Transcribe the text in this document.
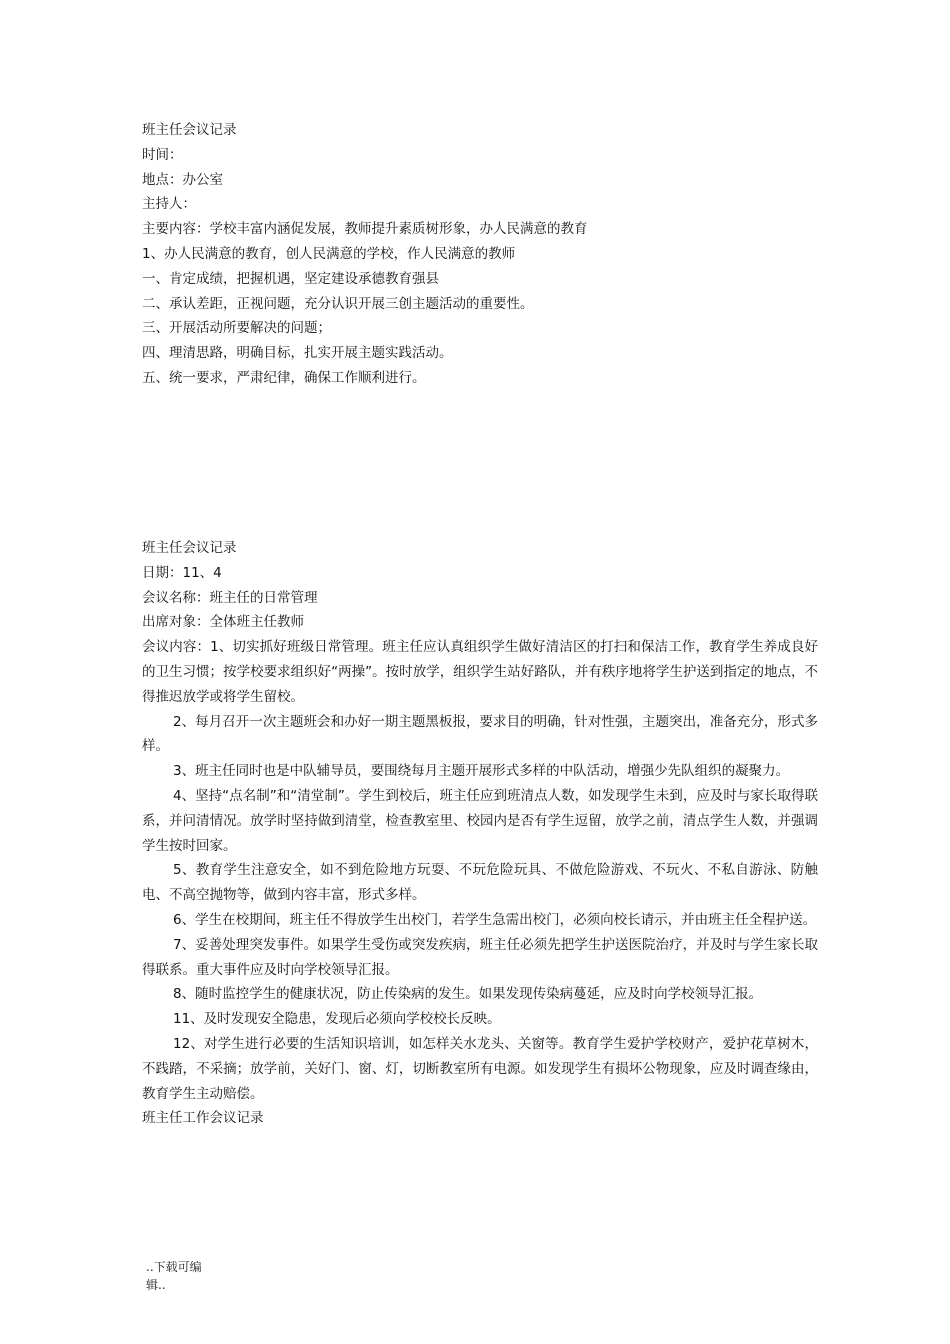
班主任会议记录

时间：

地点：办公室

主持人：

主要内容：学校丰富内涵促发展，教师提升素质树形象，办人民满意的教育

1、办人民满意的教育，创人民满意的学校，作人民满意的教师

一、肯定成绩，把握机遇，坚定建设承德教育强县

二、承认差距，正视问题，充分认识开展三创主题活动的重要性。

三、开展活动所要解决的问题；

四、理清思路，明确目标，扎实开展主题实践活动。

五、统一要求，严肃纪律，确保工作顺利进行。

班主任会议记录

日期：11、4

会议名称：班主任的日常管理

出席对象：全体班主任教师

会议内容：1、切实抓好班级日常管理。班主任应认真组织学生做好清洁区的打扫和保洁工作，教育学生养成良好的卫生习惯；按学校要求组织好“两操”。按时放学，组织学生站好路队，并有秩序地将学生护送到指定的地点，不得推迟放学或将学生留校。

2、每月召开一次主题班会和办好一期主题黑板报，要求目的明确，针对性强，主题突出，准备充分，形式多样。

3、班主任同时也是中队辅导员，要围绕每月主题开展形式多样的中队活动，增强少先队组织的凝聚力。

4、坚持“点名制”和“清堂制”。学生到校后，班主任应到班清点人数，如发现学生未到，应及时与家长取得联系，并问清情况。放学时坚持做到清堂，检查教室里、校园内是否有学生逗留，放学之前，清点学生人数，并强调学生按时回家。

5、教育学生注意安全，如不到危险地方玩耍、不玩危险玩具、不做危险游戏、不玩火、不私自游泳、防触电、不高空抛物等，做到内容丰富，形式多样。

6、学生在校期间，班主任不得放学生出校门，若学生急需出校门，必须向校长请示，并由班主任全程护送。

7、妥善处理突发事件。如果学生受伤或突发疾病，班主任必须先把学生护送医院治疗，并及时与学生家长取得联系。重大事件应及时向学校领导汇报。

8、随时监控学生的健康状况，防止传染病的发生。如果发现传染病蔓延，应及时向学校领导汇报。

11、及时发现安全隐患，发现后必须向学校校长反映。

12、对学生进行必要的生活知识培训，如怎样关水龙头、关窗等。教育学生爱护学校财产，爱护花草树木，不践踏，不采摘；放学前，关好门、窗、灯，切断教室所有电源。如发现学生有损坏公物现象，应及时调查缘由，教育学生主动赔偿。

班主任工作会议记录

..下载可编
辑..
